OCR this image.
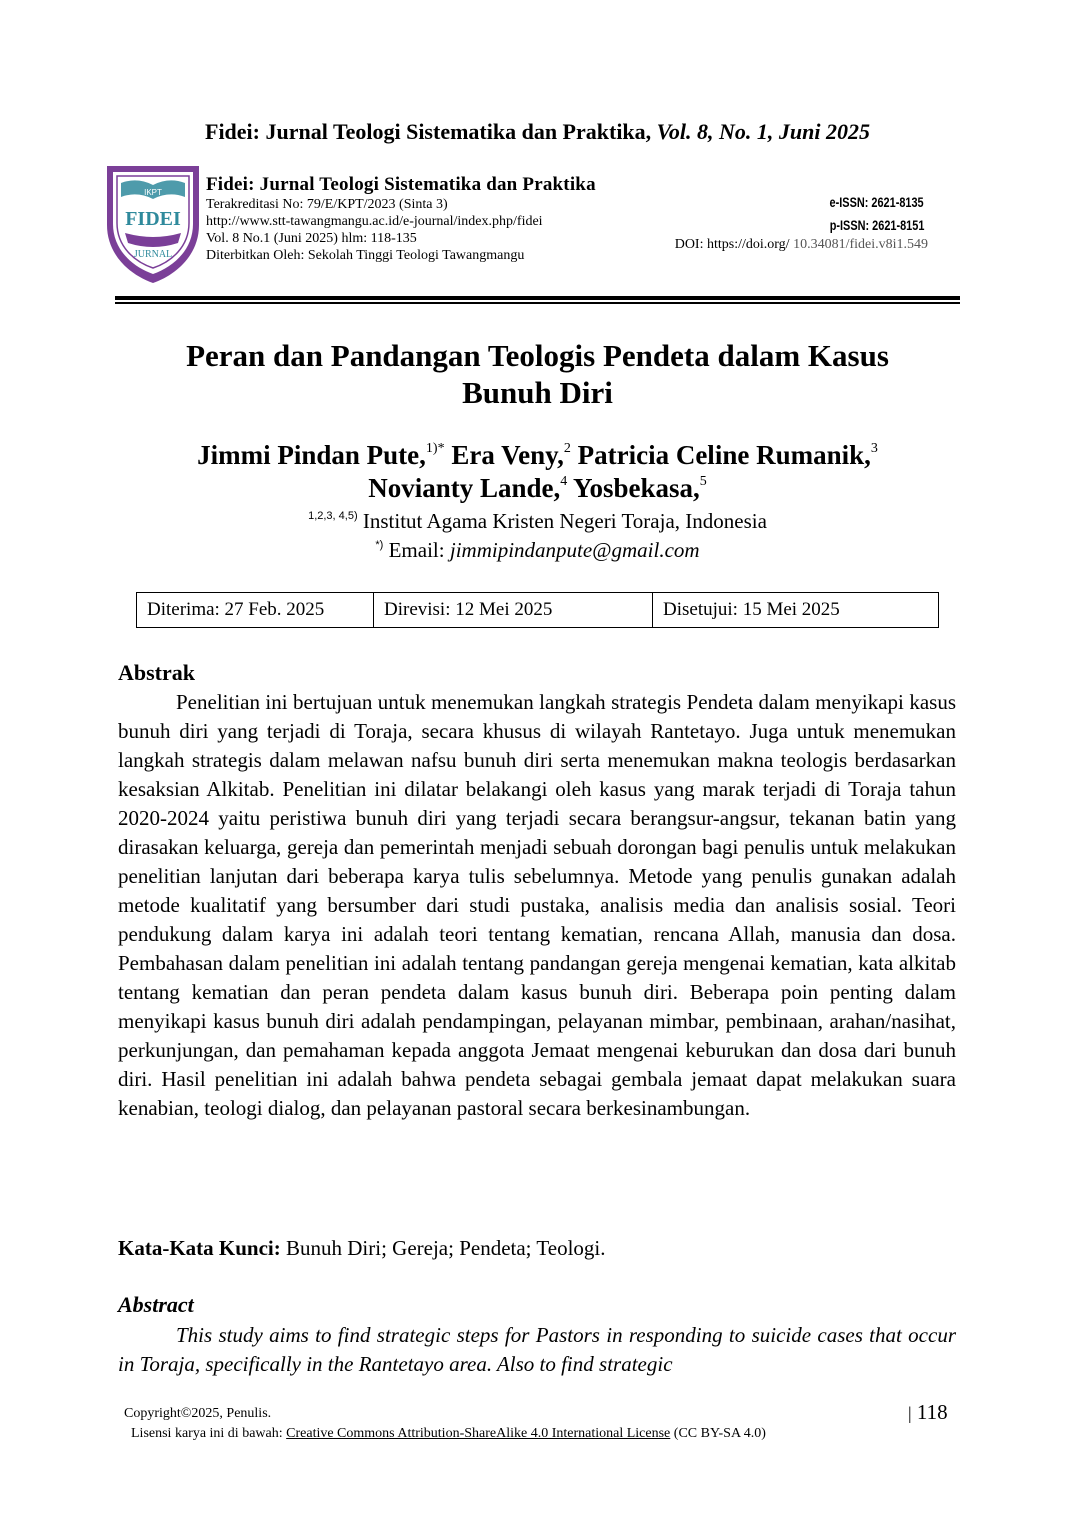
Fidei: Jurnal Teologi Sistematika dan Praktika, Vol. 8, No. 1, Juni 2025
IKPT
FIDEI
JURNAL
Fidei: Jurnal Teologi Sistematika dan Praktika
Terakreditasi No: 79/E/KPT/2023 (Sinta 3)
http://www.stt-tawangmangu.ac.id/e-journal/index.php/fidei
Vol. 8 No.1 (Juni 2025) hlm: 118-135
Diterbitkan Oleh: Sekolah Tinggi Teologi Tawangmangu
e-ISSN: 2621-8135
p-ISSN: 2621-8151
DOI: https://doi.org/ 10.34081/fidei.v8i1.549
Peran dan Pandangan Teologis Pendeta dalam Kasus
Bunuh Diri
Jimmi Pindan Pute,$^{1)*}$ Era Veny,$^2$ Patricia Celine Rumanik,$^3$
Novianty Lande,$^4$ Yosbekasa,$^5$
$^{1,2,3, 4,5)}$ Institut Agama Kristen Negeri Toraja, Indonesia
*) Email: jimmipindanpute@gmail.com
Diterima: 27 Feb. 2025	Direvisi: 12 Mei 2025	Disetujui: 15 Mei 2025
Abstrak
Penelitian ini bertujuan untuk menemukan langkah strategis Pendeta dalam menyikapi kasus bunuh diri yang terjadi di Toraja, secara khusus di wilayah Rantetayo. Juga untuk menemukan langkah strategis dalam melawan nafsu bunuh diri serta menemukan makna teologis berdasarkan kesaksian Alkitab. Penelitian ini dilatar belakangi oleh kasus yang marak terjadi di Toraja tahun 2020-2024 yaitu peristiwa bunuh diri yang terjadi secara berangsur-angsur, tekanan batin yang dirasakan keluarga, gereja dan pemerintah menjadi sebuah dorongan bagi penulis untuk melakukan penelitian lanjutan dari beberapa karya tulis sebelumnya. Metode yang penulis gunakan adalah metode kualitatif yang bersumber dari studi pustaka, analisis media dan analisis sosial. Teori pendukung dalam karya ini adalah teori tentang kematian, rencana Allah, manusia dan dosa. Pembahasan dalam penelitian ini adalah tentang pandangan gereja mengenai kematian, kata alkitab tentang kematian dan peran pendeta dalam kasus bunuh diri. Beberapa poin penting dalam menyikapi kasus bunuh diri adalah pendampingan, pelayanan mimbar, pembinaan, arahan/nasihat, perkunjungan, dan pemahaman kepada anggota Jemaat mengenai keburukan dan dosa dari bunuh diri. Hasil penelitian ini adalah bahwa pendeta sebagai gembala jemaat dapat melakukan suara kenabian, teologi dialog, dan pelayanan pastoral secara berkesinambungan.
Kata-Kata Kunci: Bunuh Diri; Gereja; Pendeta; Teologi.
Abstract
This study aims to find strategic steps for Pastors in responding to suicide cases that occur in Toraja, specifically in the Rantetayo area. Also to find strategic
Copyright©2025, Penulis.
Lisensi karya ini di bawah: Creative Commons Attribution-ShareAlike 4.0 International License (CC BY-SA 4.0)
| 118
